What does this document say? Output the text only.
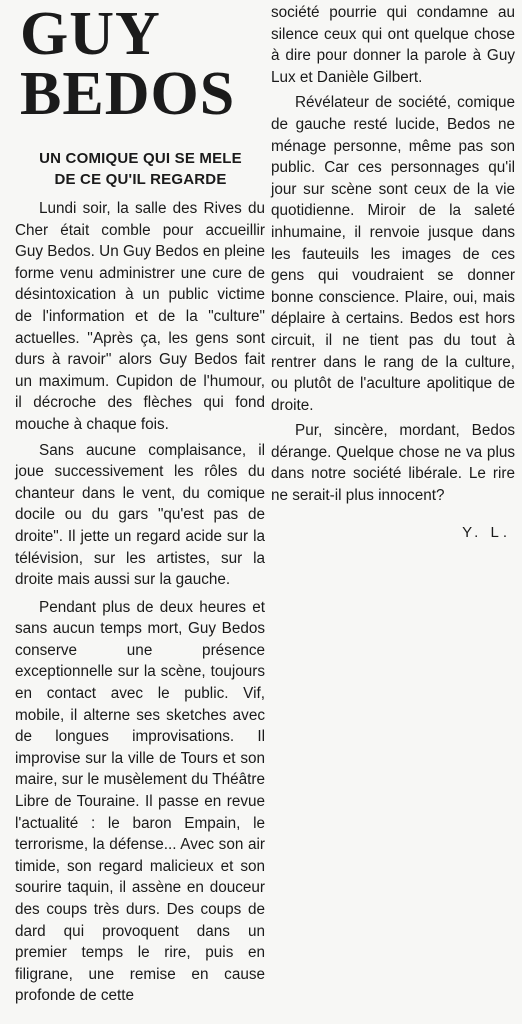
GUY
BEDOS
UN COMIQUE QUI SE MELE
DE CE QU'IL REGARDE

Lundi soir, la salle des Rives du Cher était comble pour accueillir Guy Bedos. Un Guy Bedos en pleine forme venu administrer une cure de désintoxication à un public victime de l'information et de la "culture" actuelles. ''Après ça, les gens sont durs à ravoir'' alors Guy Bedos fait un maximum. Cupidon de l'humour, il décroche des flèches qui fond mouche à chaque fois.

Sans aucune complaisance, il joue successivement les rôles du chanteur dans le vent, du comique docile ou du gars "qu'est pas de droite". Il jette un regard acide sur la télévision, sur les artistes, sur la droite mais aussi sur la gauche.

Pendant plus de deux heures et sans aucun temps mort, Guy Bedos conserve une présence exceptionnelle sur la scène, toujours en contact avec le public. Vif, mobile, il alterne ses sketches avec de longues improvisations. Il improvise sur la ville de Tours et son maire, sur le musèlement du Théâtre Libre de Touraine. Il passe en revue l'actualité : le baron Empain, le terrorisme, la défense... Avec son air timide, son regard malicieux et son sourire taquin, il assène en douceur des coups très durs. Des coups de dard qui provoquent dans un premier temps le rire, puis en filigrane, une remise en cause profonde de cette

société pourrie qui condamne au silence ceux qui ont quelque chose à dire pour donner la parole à Guy Lux et Danièle Gilbert.

Révélateur de société, comique de gauche resté lucide, Bedos ne ménage personne, même pas son public. Car ces personnages qu'il jour sur scène sont ceux de la vie quotidienne. Miroir de la saleté inhumaine, il renvoie jusque dans les fauteuils les images de ces gens qui voudraient se donner bonne conscience. Plaire, oui, mais déplaire à certains. Bedos est hors circuit, il ne tient pas du tout à rentrer dans le rang de la culture, ou plutôt de l'aculture apolitique de droite.

Pur, sincère, mordant, Bedos dérange. Quelque chose ne va plus dans notre société libérale. Le rire ne serait-il plus innocent?

Y. L.
